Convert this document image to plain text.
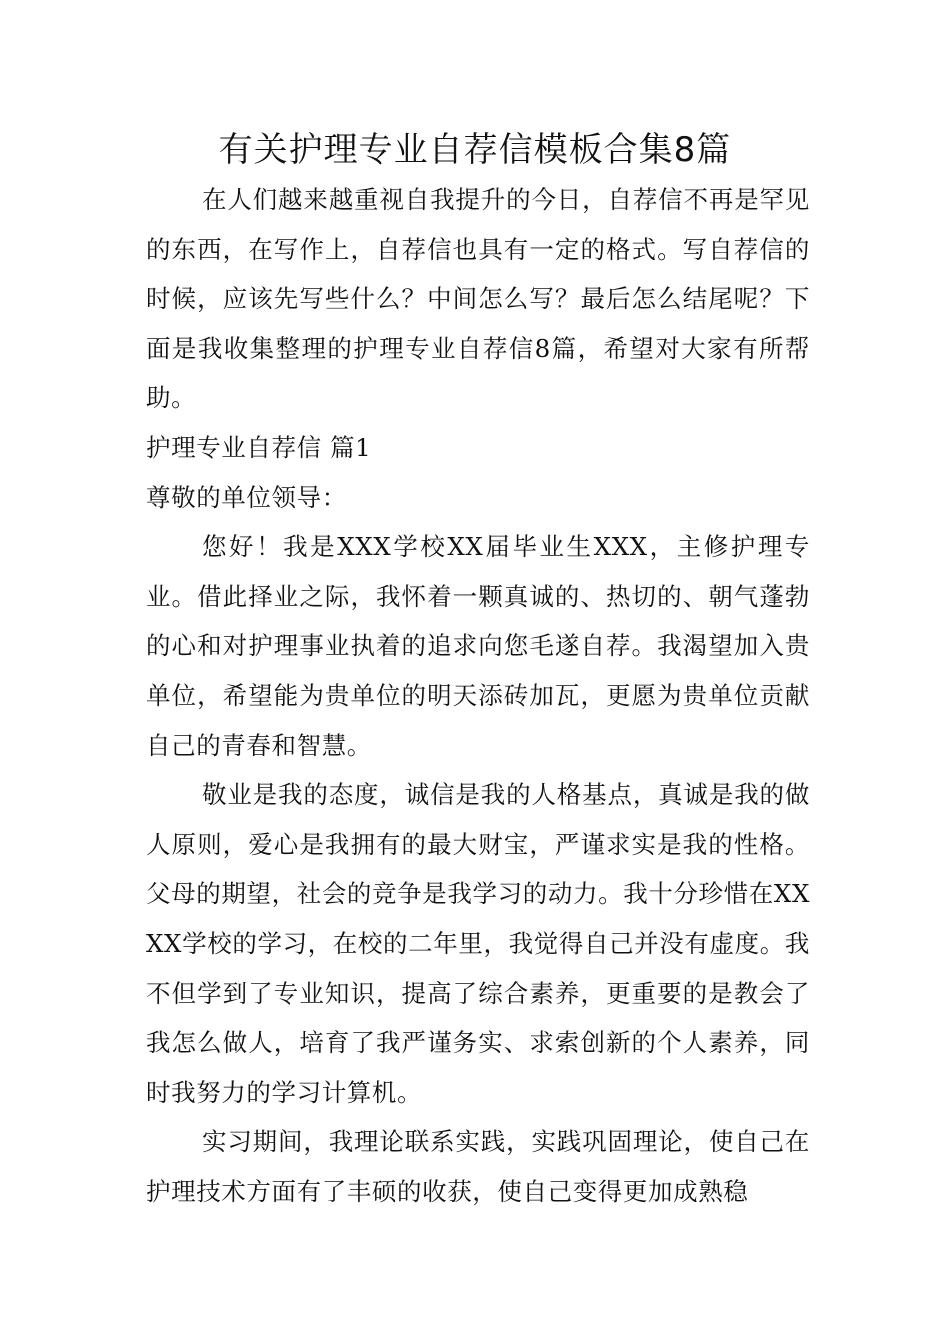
有关护理专业自荐信模板合集8篇

在人们越来越重视自我提升的今日，自荐信不再是罕见的东西，在写作上，自荐信也具有一定的格式。写自荐信的时候，应该先写些什么？中间怎么写？最后怎么结尾呢？下面是我收集整理的护理专业自荐信8篇，希望对大家有所帮助。

护理专业自荐信 篇1

尊敬的单位领导：

您好！我是XXX学校XX届毕业生XXX，主修护理专业。借此择业之际，我怀着一颗真诚的、热切的、朝气蓬勃的心和对护理事业执着的追求向您毛遂自荐。我渴望加入贵单位，希望能为贵单位的明天添砖加瓦，更愿为贵单位贡献自己的青春和智慧。

敬业是我的态度，诚信是我的人格基点，真诚是我的做人原则，爱心是我拥有的最大财宝，严谨求实是我的性格。父母的期望，社会的竞争是我学习的动力。我十分珍惜在XXXX学校的学习，在校的二年里，我觉得自己并没有虚度。我不但学到了专业知识，提高了综合素养，更重要的是教会了我怎么做人，培育了我严谨务实、求索创新的个人素养，同时我努力的学习计算机。

实习期间，我理论联系实践，实践巩固理论，使自己在护理技术方面有了丰硕的收获，使自己变得更加成熟稳
